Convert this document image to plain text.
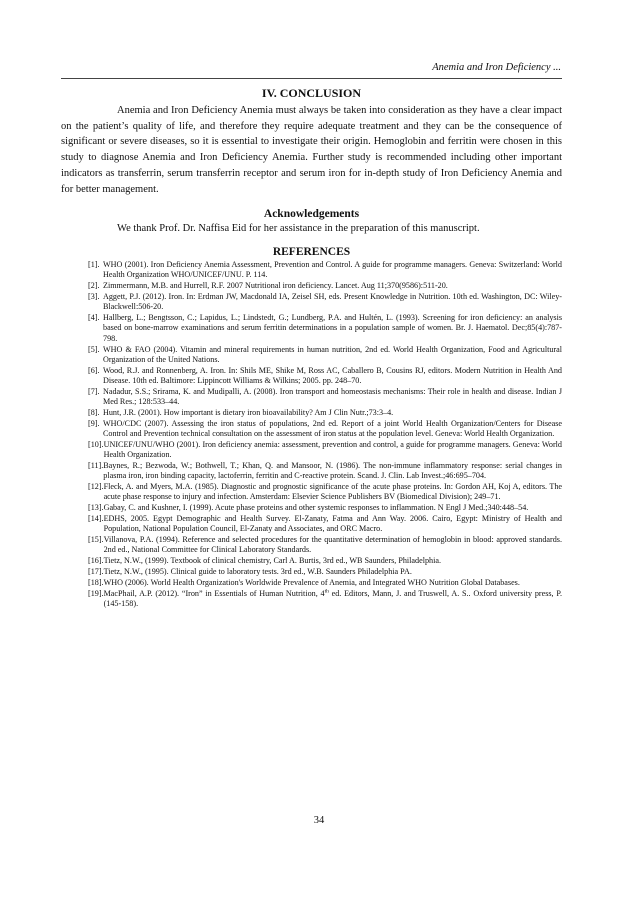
Anemia and Iron Deficiency ...
IV. CONCLUSION

Anemia and Iron Deficiency Anemia must always be taken into consideration as they have a clear impact on the patient’s quality of life, and therefore they require adequate treatment and they can be the consequence of significant or severe diseases, so it is essential to investigate their origin. Hemoglobin and ferritin were chosen in this study to diagnose Anemia and Iron Deficiency Anemia. Further study is recommended including other important indicators as transferrin, serum transferrin receptor and serum iron for in-depth study of Iron Deficiency Anemia and for better management.

Acknowledgements

We thank Prof. Dr. Naffisa Eid for her assistance in the preparation of this manuscript.

REFERENCES
[1]. WHO (2001). Iron Deficiency Anemia Assessment, Prevention and Control. A guide for programme managers. Geneva: Switzerland: World Health Organization WHO/UNICEF/UNU. P. 114.
[2]. Zimmermann, M.B. and Hurrell, R.F. 2007 Nutritional iron deficiency. Lancet. Aug 11;370(9586):511-20.
[3]. Aggett, P.J. (2012). Iron. In: Erdman JW, Macdonald IA, Zeisel SH, eds. Present Knowledge in Nutrition. 10th ed. Washington, DC: Wiley-Blackwell:506-20.
[4]. Hallberg, L.; Bengtsson, C.; Lapidus, L.; Lindstedt, G.; Lundberg, P.A. and Hultén, L. (1993). Screening for iron deficiency: an analysis based on bone-marrow examinations and serum ferritin determinations in a population sample of women. Br. J. Haematol. Dec;85(4):787-798.
[5]. WHO & FAO (2004). Vitamin and mineral requirements in human nutrition, 2nd ed. World Health Organization, Food and Agricultural Organization of the United Nations.
[6]. Wood, R.J. and Ronnenberg, A. Iron. In: Shils ME, Shike M, Ross AC, Caballero B, Cousins RJ, editors. Modern Nutrition in Health And Disease. 10th ed. Baltimore: Lippincott Williams & Wilkins; 2005. pp. 248–70.
[7]. Nadadur, S.S.; Srirama, K. and Mudipalli, A. (2008). Iron transport and homeostasis mechanisms: Their role in health and disease. Indian J Med Res.; 128:533–44.
[8]. Hunt, J.R. (2001). How important is dietary iron bioavailability? Am J Clin Nutr.;73:3–4.
[9]. WHO/CDC (2007). Assessing the iron status of populations, 2nd ed. Report of a joint World Health Organization/Centers for Disease Control and Prevention technical consultation on the assessment of iron status at the population level. Geneva: World Health Organization.
[10]. UNICEF/UNU/WHO (2001). Iron deficiency anemia: assessment, prevention and control, a guide for programme managers. Geneva: World Health Organization.
[11]. Baynes, R.; Bezwoda, W.; Bothwell, T.; Khan, Q. and Mansoor, N. (1986). The non-immune inflammatory response: serial changes in plasma iron, iron binding capacity, lactoferrin, ferritin and C-reactive protein. Scand. J. Clin. Lab Invest.;46:695–704.
[12]. Fleck, A. and Myers, M.A. (1985). Diagnostic and prognostic significance of the acute phase proteins. In: Gordon AH, Koj A, editors. The acute phase response to injury and infection. Amsterdam: Elsevier Science Publishers BV (Biomedical Division); 249–71.
[13]. Gabay, C. and Kushner, I. (1999). Acute phase proteins and other systemic responses to inflammation. N Engl J Med.;340:448–54.
[14]. EDHS, 2005. Egypt Demographic and Health Survey. El-Zanaty, Fatma and Ann Way. 2006. Cairo, Egypt: Ministry of Health and Population, National Population Council, El-Zanaty and Associates, and ORC Macro.
[15]. Villanova, P.A. (1994). Reference and selected procedures for the quantitative determination of hemoglobin in blood: approved standards. 2nd ed., National Committee for Clinical Laboratory Standards.
[16]. Tietz, N.W., (1999). Textbook of clinical chemistry, Carl A. Burtis, 3rd ed., WB Saunders, Philadelphia.
[17]. Tietz, N.W., (1995). Clinical guide to laboratory tests. 3rd ed., W.B. Saunders Philadelphia PA.
[18]. WHO (2006). World Health Organization's Worldwide Prevalence of Anemia, and Integrated WHO Nutrition Global Databases.
[19]. MacPhail, A.P. (2012). “Iron” in Essentials of Human Nutrition, 4th ed. Editors, Mann, J. and Truswell, A. S.. Oxford university press, P. (145-158).
34
